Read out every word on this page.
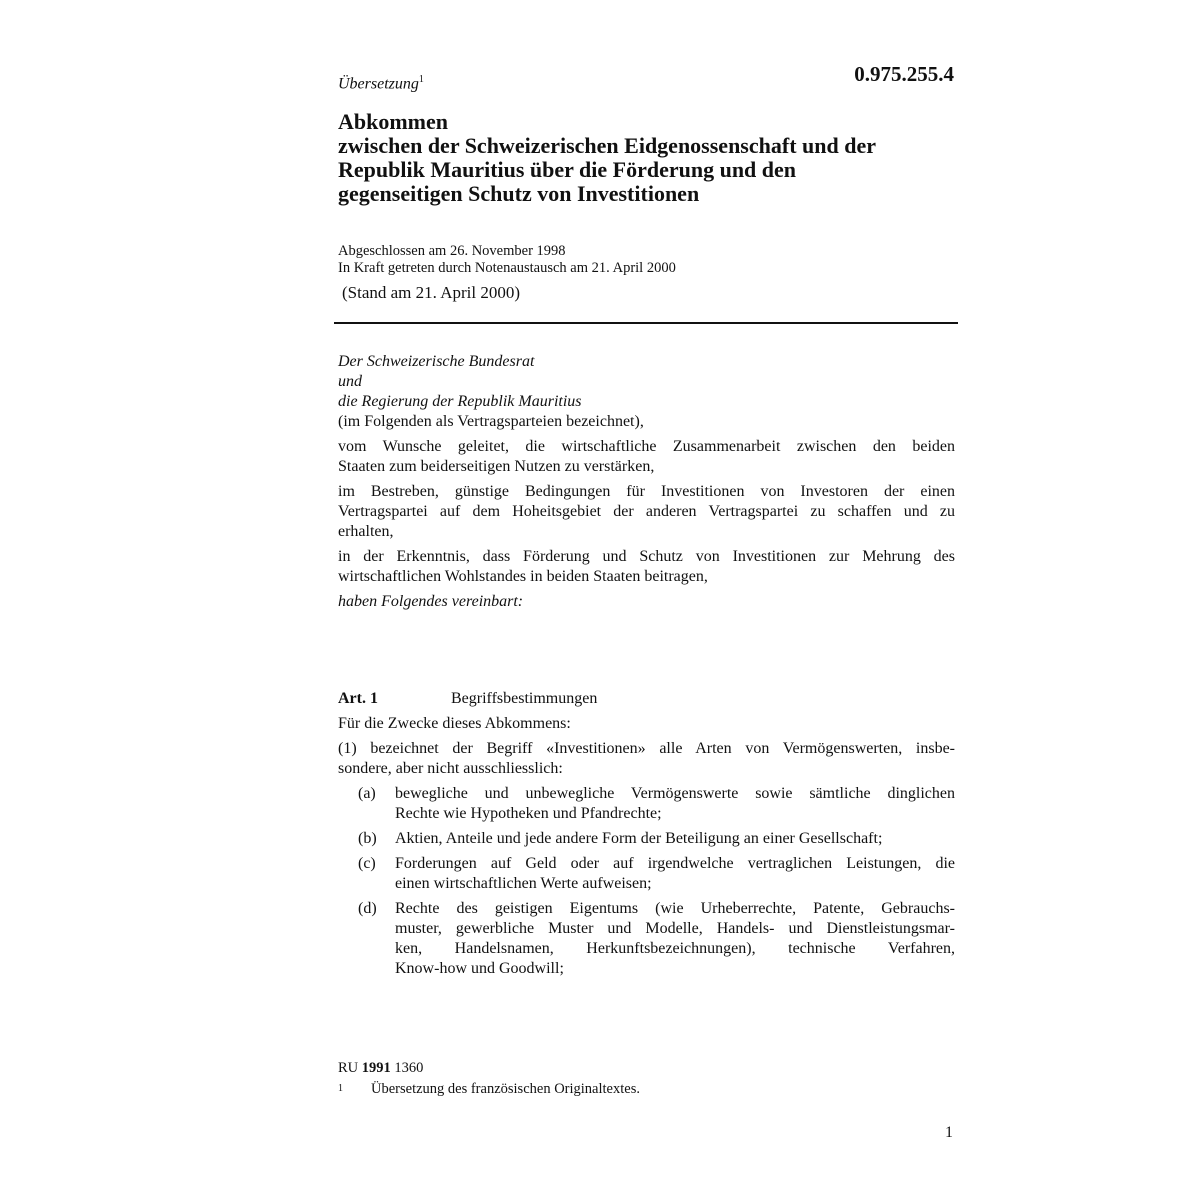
Übersetzung$^1$	0.975.255.4
Abkommen
zwischen der Schweizerischen Eidgenossenschaft und der
Republik Mauritius über die Förderung und den
gegenseitigen Schutz von Investitionen
Abgeschlossen am 26. November 1998
In Kraft getreten durch Notenaustausch am 21. April 2000
(Stand am 21. April 2000)
Der Schweizerische Bundesrat
und
die Regierung der Republik Mauritius
(im Folgenden als Vertragsparteien bezeichnet),
vom Wunsche geleitet, die wirtschaftliche Zusammenarbeit zwischen den beiden
Staaten zum beiderseitigen Nutzen zu verstärken,
im Bestreben, günstige Bedingungen für Investitionen von Investoren der einen
Vertragspartei auf dem Hoheitsgebiet der anderen Vertragspartei zu schaffen und zu
erhalten,
in der Erkenntnis, dass Förderung und Schutz von Investitionen zur Mehrung des
wirtschaftlichen Wohlstandes in beiden Staaten beitragen,
haben Folgendes vereinbart:
Art. 1	Begriffsbestimmungen
Für die Zwecke dieses Abkommens:
(1) bezeichnet der Begriff «Investitionen» alle Arten von Vermögenswerten, insbe-
sondere, aber nicht ausschliesslich:
(a) bewegliche und unbewegliche Vermögenswerte sowie sämtliche dinglichen
Rechte wie Hypotheken und Pfandrechte;
(b) Aktien, Anteile und jede andere Form der Beteiligung an einer Gesellschaft;
(c) Forderungen auf Geld oder auf irgendwelche vertraglichen Leistungen, die
einen wirtschaftlichen Werte aufweisen;
(d) Rechte des geistigen Eigentums (wie Urheberrechte, Patente, Gebrauchs-
muster, gewerbliche Muster und Modelle, Handels- und Dienstleistungsmar-
ken, Handelsnamen, Herkunftsbezeichnungen), technische Verfahren,
Know-how und Goodwill;
RU 1991 1360
$^1$ Übersetzung des französischen Originaltextes.
1
